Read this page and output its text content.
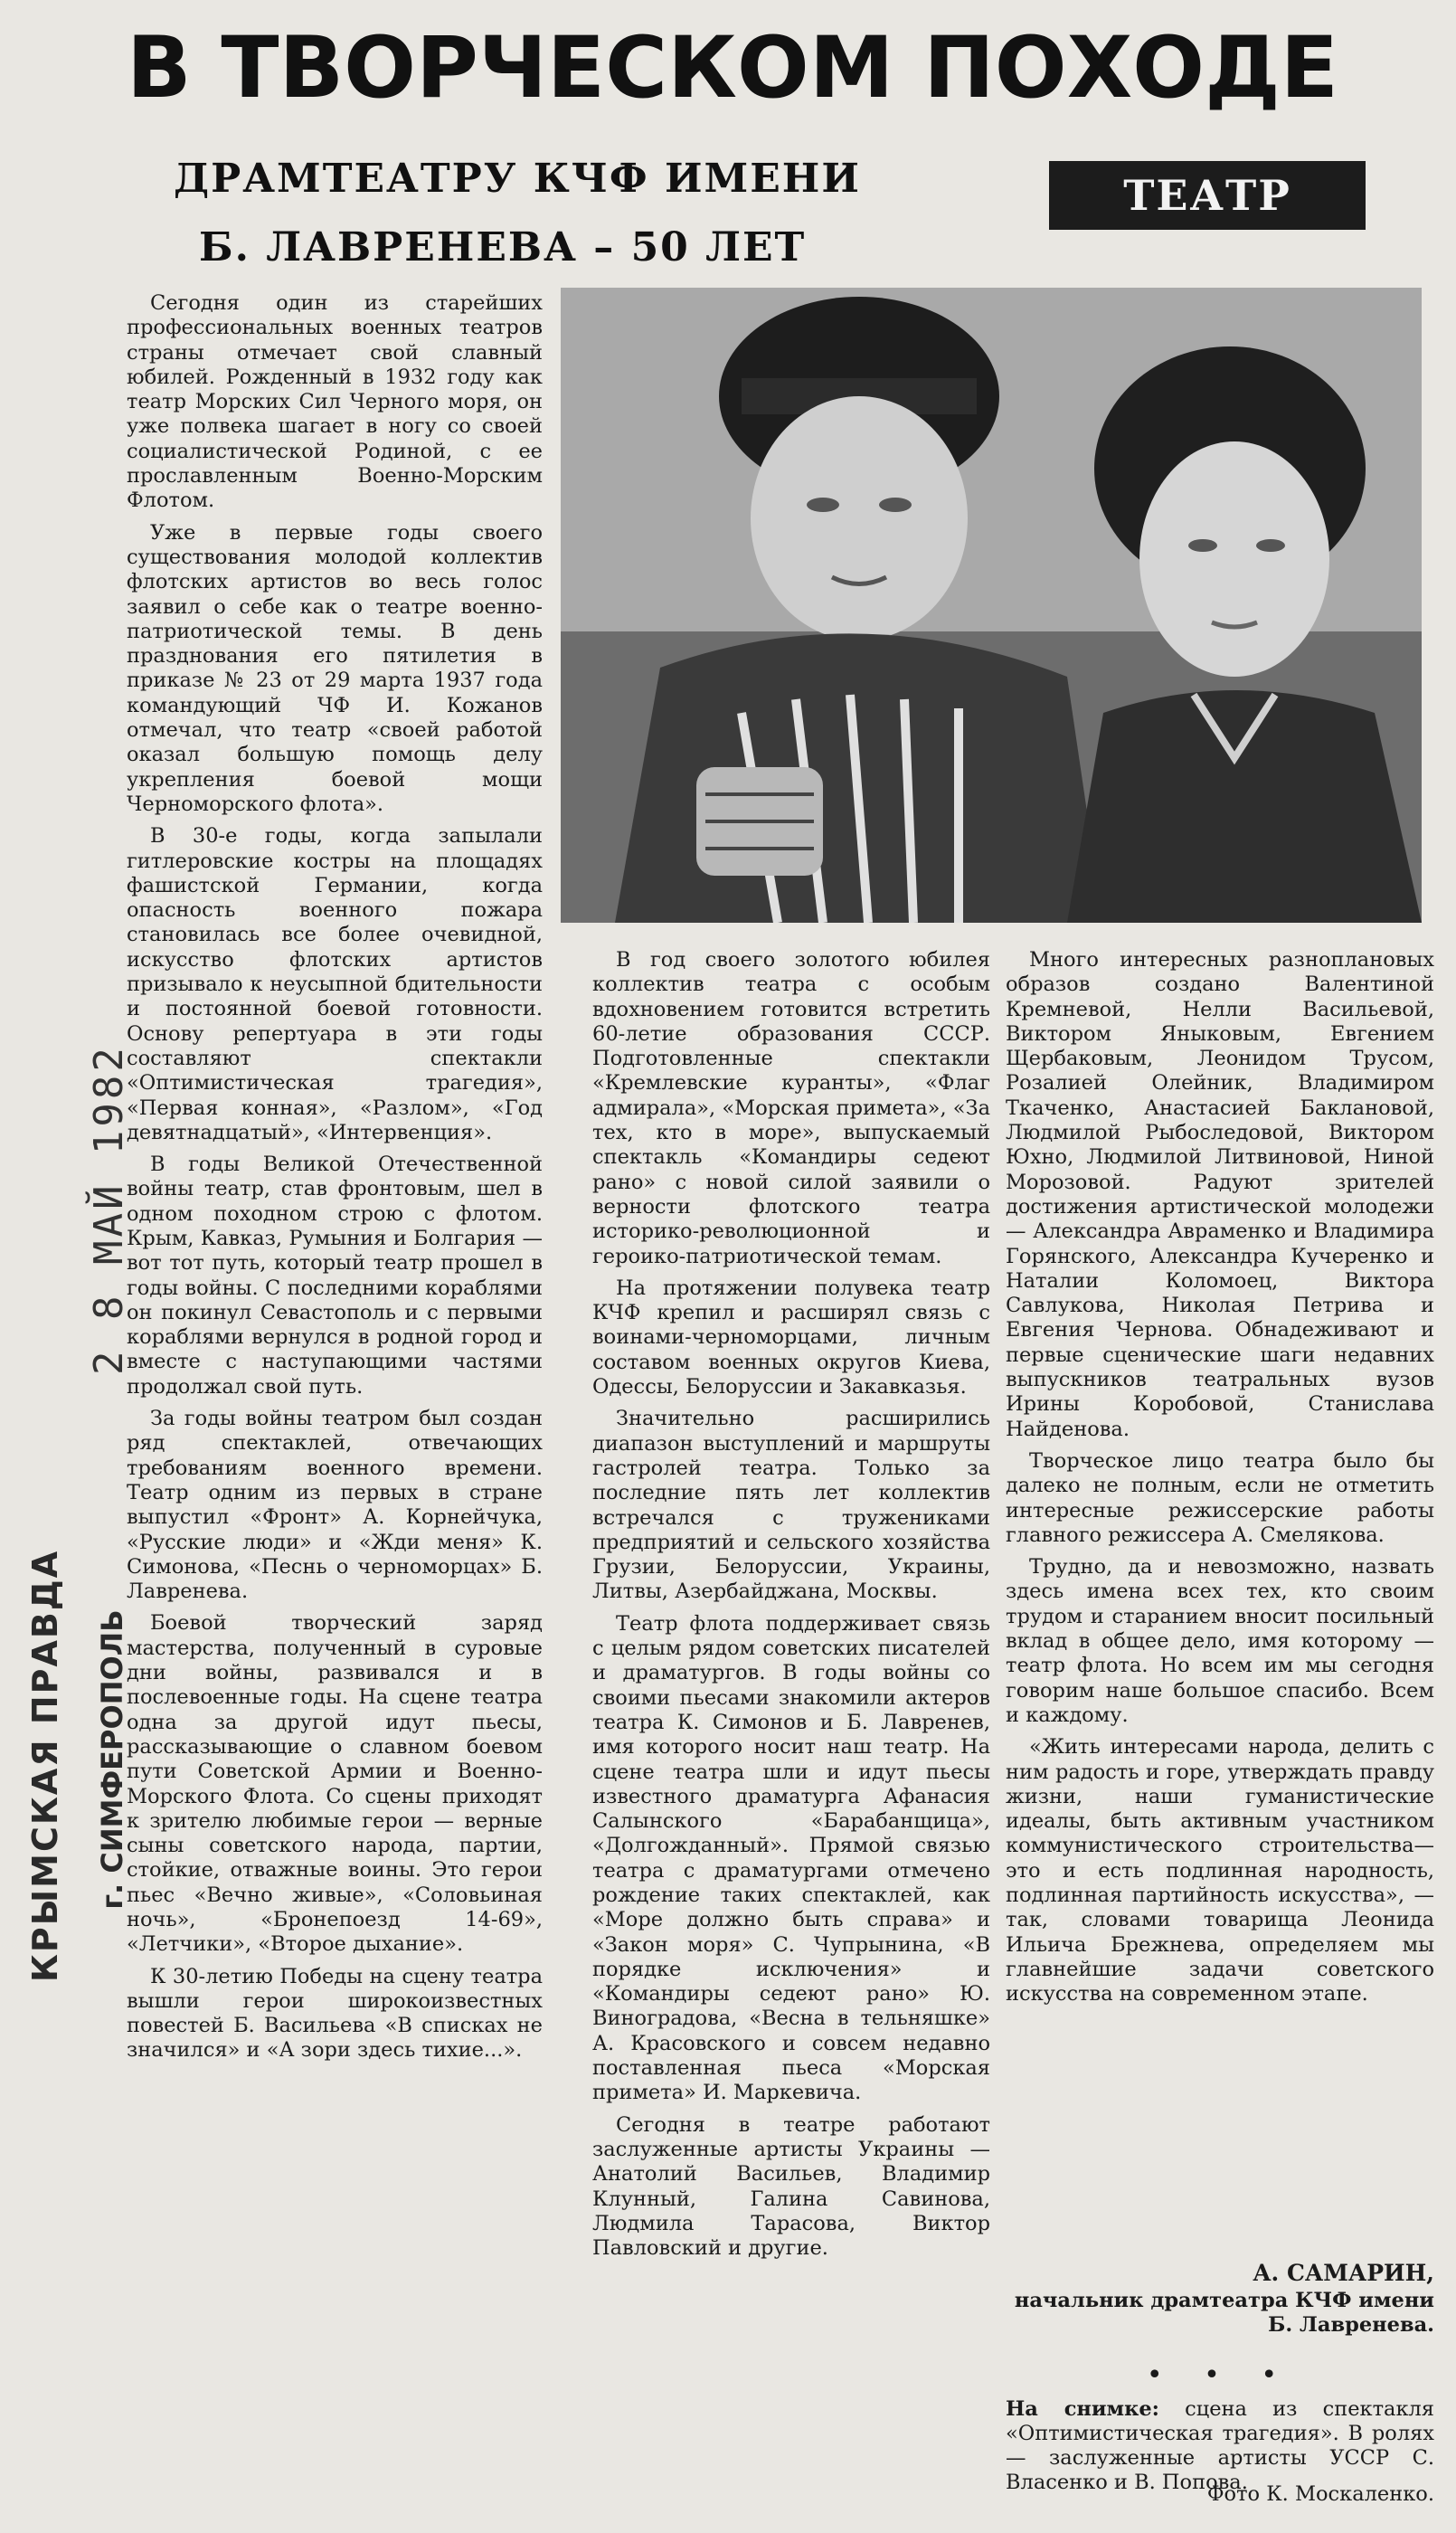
В ТВОРЧЕСКОМ ПОХОДЕ
ДРАМТЕАТРУ КЧФ ИМЕНИ
Б. ЛАВРЕНЕВА – 50 ЛЕТ
ТЕАТР

Сегодня один из старейших профессиональных военных театров страны отмечает свой славный юбилей. Рожденный в 1932 году как театр Морских Сил Черного моря, он уже полвека шагает в ногу со своей социалистической Родиной, с ее прославленным Военно-Морским Флотом.

Уже в первые годы своего существования молодой коллектив флотских артистов во весь голос заявил о себе как о театре военно-патриотической темы. В день празднования его пятилетия в приказе № 23 от 29 марта 1937 года командующий ЧФ И. Кожанов отмечал, что театр «своей работой оказал большую помощь делу укрепления боевой мощи Черноморского флота».

В 30-е годы, когда запылали гитлеровские костры на площадях фашистской Германии, когда опасность военного пожара становилась все более очевидной, искусство флотских артистов призывало к неусыпной бдительности и постоянной боевой готовности. Основу репертуара в эти годы составляют спектакли «Оптимистическая трагедия», «Первая конная», «Разлом», «Год девятнадцатый», «Интервенция».

В годы Великой Отечественной войны театр, став фронтовым, шел в одном походном строю с флотом. Крым, Кавказ, Румыния и Болгария — вот тот путь, который театр прошел в годы войны. С последними кораблями он покинул Севастополь и с первыми кораблями вернулся в родной город и вместе с наступающими частями продолжал свой путь.

За годы войны театром был создан ряд спектаклей, отвечающих требованиям военного времени. Театр одним из первых в стране выпустил «Фронт» А. Корнейчука, «Русские люди» и «Жди меня» К. Симонова, «Песнь о черноморцах» Б. Лавренева.

Боевой творческий заряд мастерства, полученный в суровые дни войны, развивался и в послевоенные годы. На сцене театра одна за другой идут пьесы, рассказывающие о славном боевом пути Советской Армии и Военно-Морского Флота. Со сцены приходят к зрителю любимые герои — верные сыны советского народа, партии, стойкие, отважные воины. Это герои пьес «Вечно живые», «Соловьиная ночь», «Бронепоезд 14-69», «Летчики», «Второе дыхание».

К 30-летию Победы на сцену театра вышли герои широкоизвестных повестей Б. Васильева «В списках не значился» и «А зори здесь тихие...».

В год своего золотого юбилея коллектив театра с особым вдохновением готовится встретить 60-летие образования СССР. Подготовленные спектакли «Кремлевские куранты», «Флаг адмирала», «Морская примета», «За тех, кто в море», выпускаемый спектакль «Командиры седеют рано» с новой силой заявили о верности флотского театра историко-революционной и героико-патриотической темам.

На протяжении полувека театр КЧФ крепил и расширял связь с воинами-черноморцами, личным составом военных округов Киева, Одессы, Белоруссии и Закавказья.

Значительно расширились диапазон выступлений и маршруты гастролей театра. Только за последние пять лет коллектив встречался с тружениками предприятий и сельского хозяйства Грузии, Белоруссии, Украины, Литвы, Азербайджана, Москвы.

Театр флота поддерживает связь с целым рядом советских писателей и драматургов. В годы войны со своими пьесами знакомили актеров театра К. Симонов и Б. Лавренев, имя которого носит наш театр. На сцене театра шли и идут пьесы известного драматурга Афанасия Салынского «Барабанщица», «Долгожданный». Прямой связью театра с драматургами отмечено рождение таких спектаклей, как «Море должно быть справа» и «Закон моря» С. Чупрынина, «В порядке исключения» и «Командиры седеют рано» Ю. Виноградова, «Весна в тельняшке» А. Красовского и совсем недавно поставленная пьеса «Морская примета» И. Маркевича.

Сегодня в театре работают заслуженные артисты Украины — Анатолий Васильев, Владимир Клунный, Галина Савинова, Людмила Тарасова, Виктор Павловский и другие.

Много интересных разноплановых образов создано Валентиной Кремневой, Нелли Васильевой, Виктором Яныковым, Евгением Щербаковым, Леонидом Трусом, Розалией Олейник, Владимиром Ткаченко, Анастасией Баклановой, Людмилой Рыбоследовой, Виктором Юхно, Людмилой Литвиновой, Ниной Морозовой. Радуют зрителей достижения артистической молодежи — Александра Авраменко и Владимира Горянского, Александра Кучеренко и Наталии Коломоец, Виктора Савлукова, Николая Петрива и Евгения Чернова. Обнадеживают и первые сценические шаги недавних выпускников театральных вузов Ирины Коробовой, Станислава Найденова.

Творческое лицо театра было бы далеко не полным, если не отметить интересные режиссерские работы главного режиссера А. Смелякова.

Трудно, да и невозможно, назвать здесь имена всех тех, кто своим трудом и старанием вносит посильный вклад в общее дело, имя которому — театр флота. Но всем им мы сегодня говорим наше большое спасибо. Всем и каждому.

«Жить интересами народа, делить с ним радость и горе, утверждать правду жизни, наши гуманистические идеалы, быть активным участником коммунистического строительства— это и есть подлинная народность, подлинная партийность искусства», — так, словами товарища Леонида Ильича Брежнева, определяем мы главнейшие задачи советского искусства на современном этапе.

А. САМАРИН,
начальник драмтеатра КЧФ имени Б. Лавренева.
• • •
На снимке: сцена из спектакля «Оптимистическая трагедия». В ролях — заслуженные артисты УССР С. Власенко и В. Попова.
Фото К. Москаленко.
2 8 МАЙ 1982
КРЫМСКАЯ ПРАВДА	г. СИМФЕРОПОЛЬ
